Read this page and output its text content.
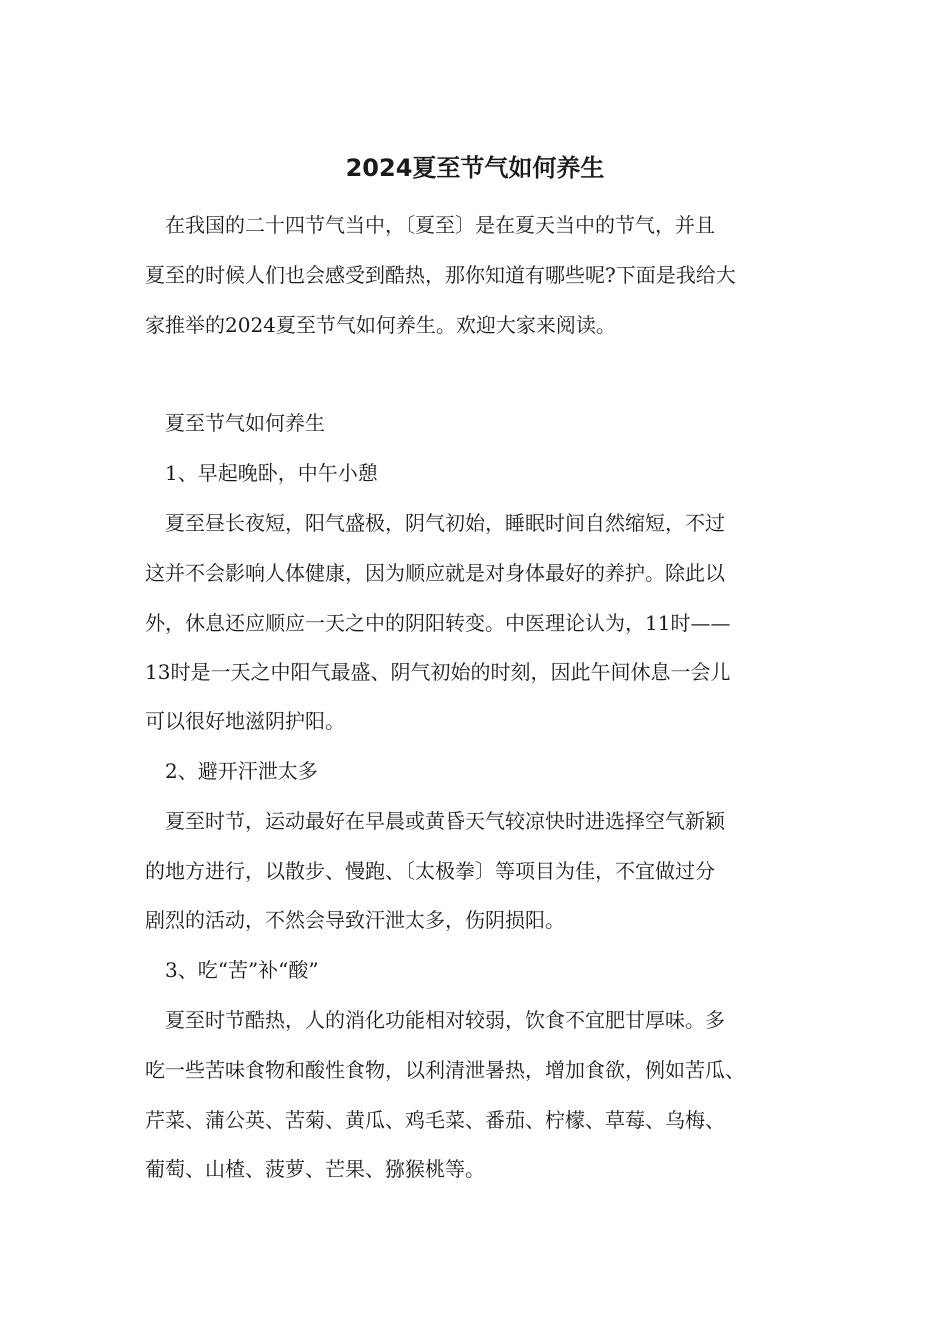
2024夏至节气如何养生
在我国的二十四节气当中，〔夏至〕是在夏天当中的节气，并且
夏至的时候人们也会感受到酷热，那你知道有哪些呢?下面是我给大
家推举的2024夏至节气如何养生。欢迎大家来阅读。
夏至节气如何养生
1、早起晚卧，中午小憩
夏至昼长夜短，阳气盛极，阴气初始，睡眠时间自然缩短，不过
这并不会影响人体健康，因为顺应就是对身体最好的养护。除此以
外，休息还应顺应一天之中的阴阳转变。中医理论认为，11时——
13时是一天之中阳气最盛、阴气初始的时刻，因此午间休息一会儿
可以很好地滋阴护阳。
2、避开汗泄太多
夏至时节，运动最好在早晨或黄昏天气较凉快时进选择空气新颖
的地方进行，以散步、慢跑、〔太极拳〕等项目为佳，不宜做过分
剧烈的活动，不然会导致汗泄太多，伤阴损阳。
3、吃“苦”补“酸”
夏至时节酷热，人的消化功能相对较弱，饮食不宜肥甘厚味。多
吃一些苦味食物和酸性食物，以利清泄暑热，增加食欲，例如苦瓜、
芹菜、蒲公英、苦菊、黄瓜、鸡毛菜、番茄、柠檬、草莓、乌梅、
葡萄、山楂、菠萝、芒果、猕猴桃等。
